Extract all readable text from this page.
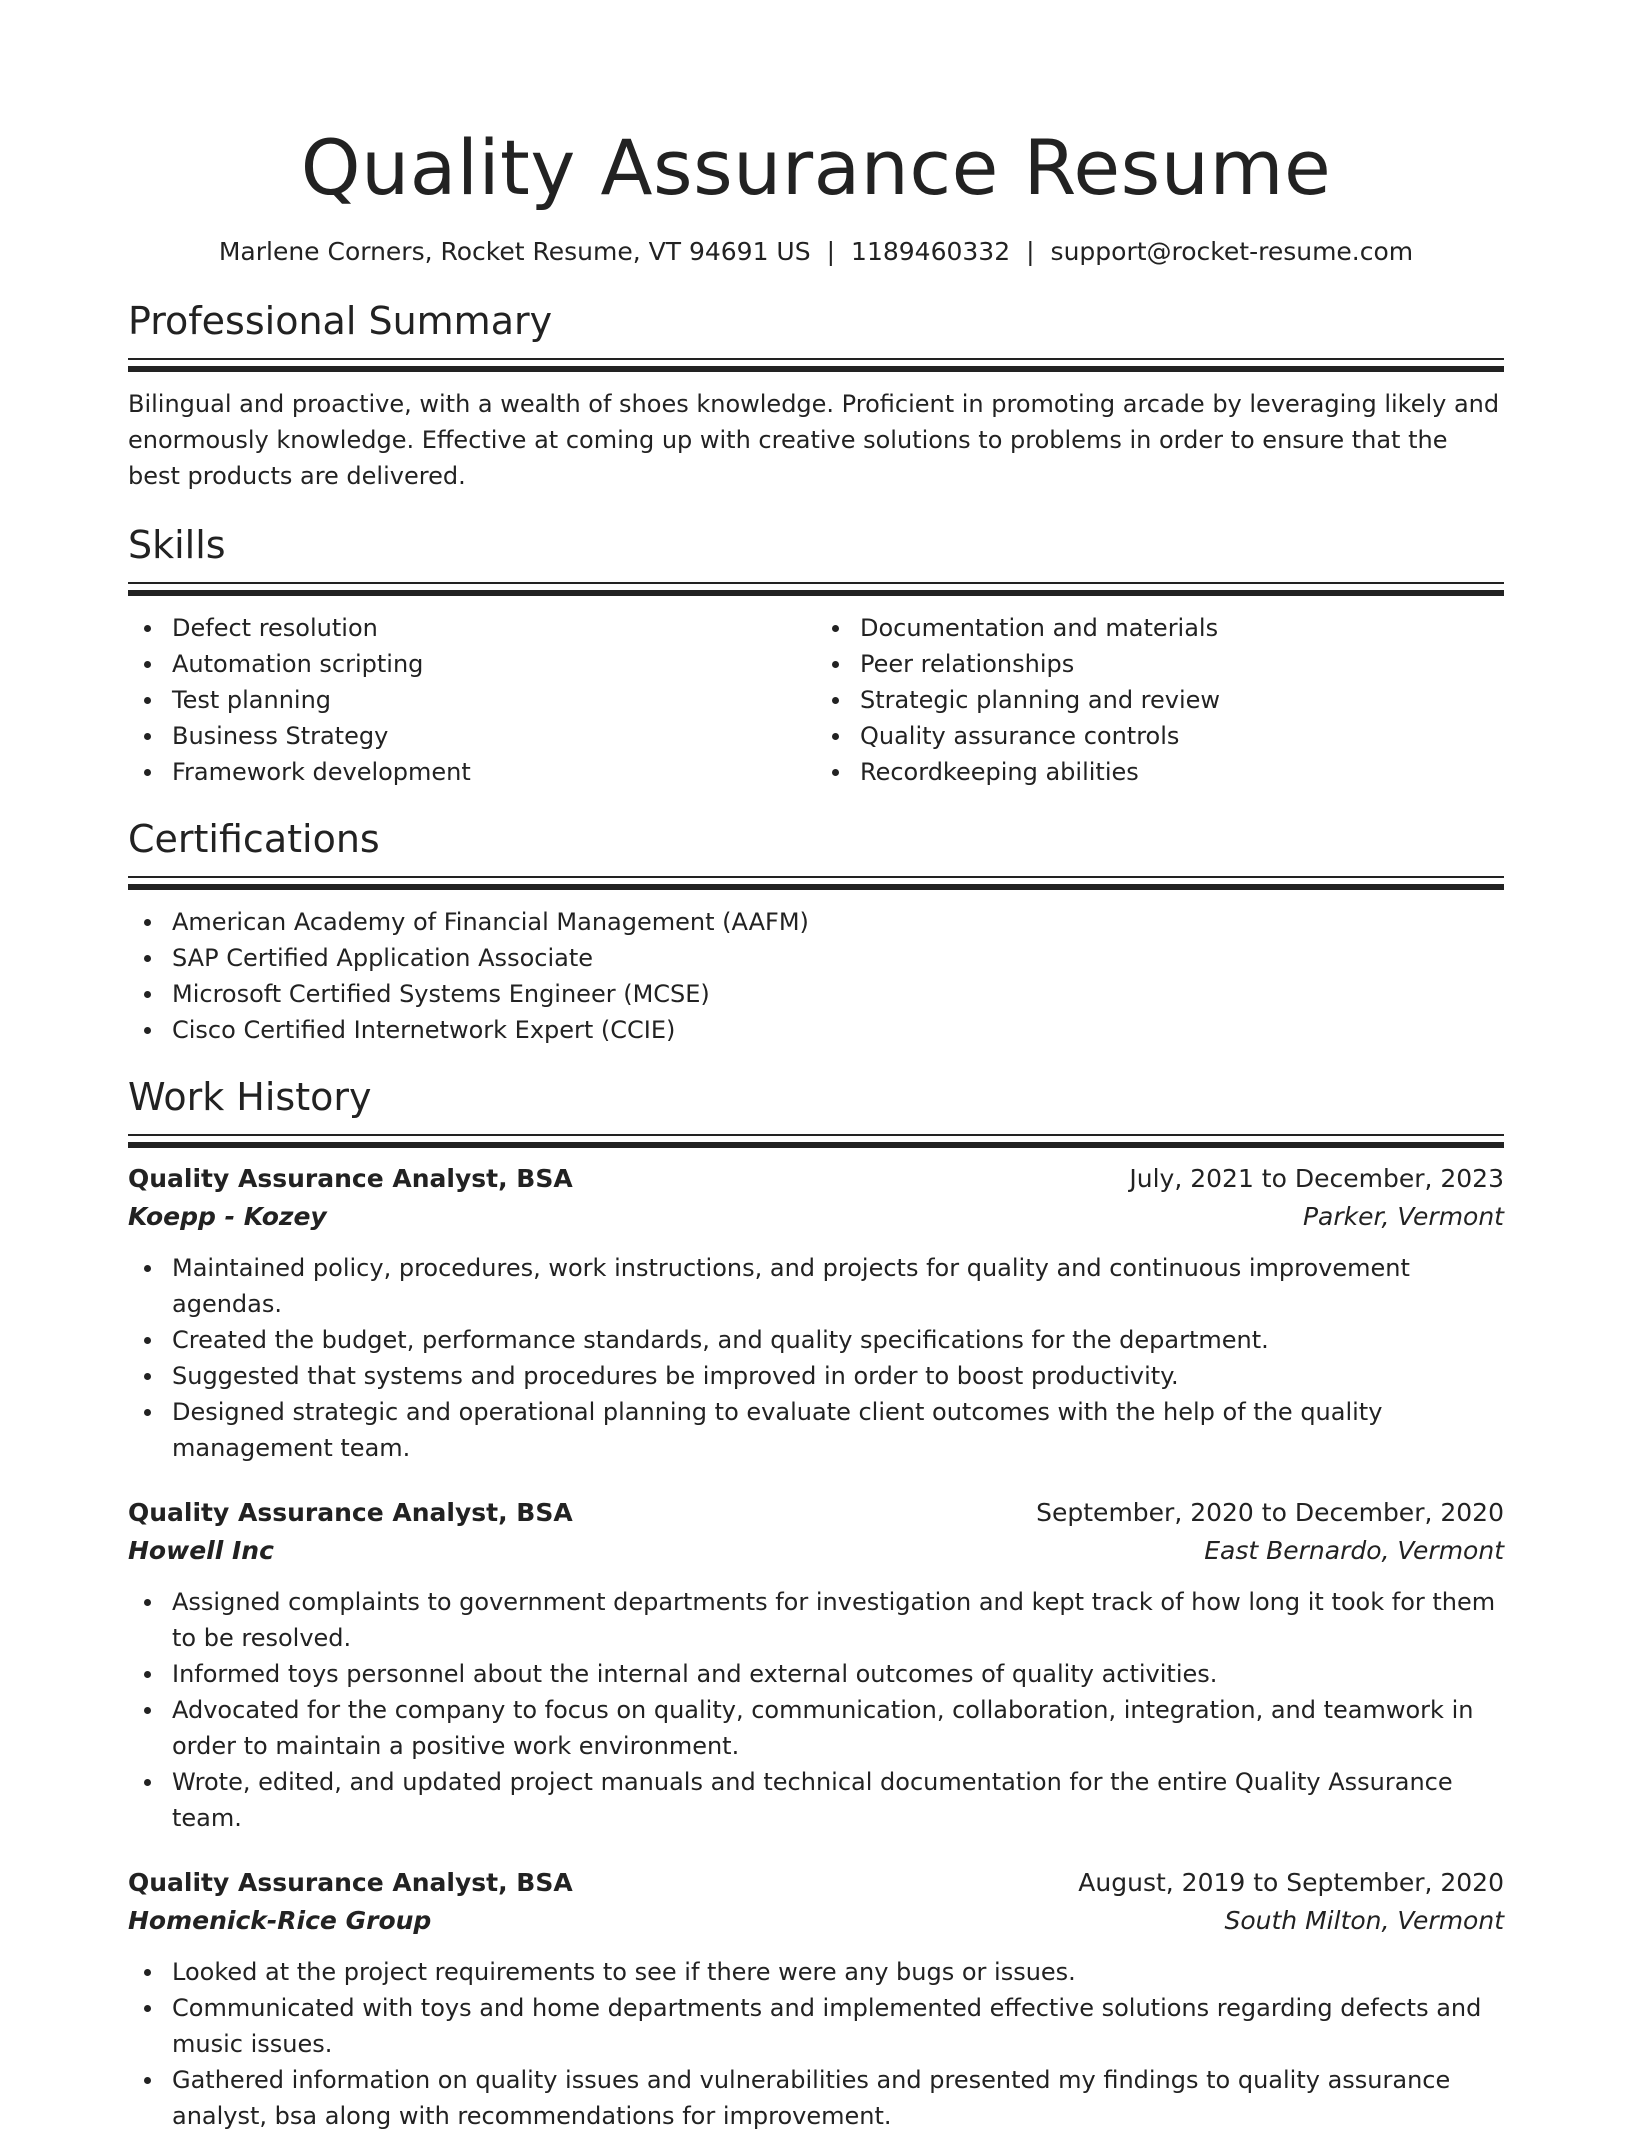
Quality Assurance Resume
Marlene Corners, Rocket Resume, VT 94691 US | 1189460332 | support@rocket-resume.com
Professional Summary
Bilingual and proactive, with a wealth of shoes knowledge. Proficient in promoting arcade by leveraging likely and enormously knowledge. Effective at coming up with creative solutions to problems in order to ensure that the best products are delivered.
Skills
Defect resolution
Automation scripting
Test planning
Business Strategy
Framework development
Documentation and materials
Peer relationships
Strategic planning and review
Quality assurance controls
Recordkeeping abilities
Certifications
American Academy of Financial Management (AAFM)
SAP Certified Application Associate
Microsoft Certified Systems Engineer (MCSE)
Cisco Certified Internetwork Expert (CCIE)
Work History
Quality Assurance Analyst, BSA	July, 2021 to December, 2023
Koepp - Kozey	Parker, Vermont
Maintained policy, procedures, work instructions, and projects for quality and continuous improvement agendas.
Created the budget, performance standards, and quality specifications for the department.
Suggested that systems and procedures be improved in order to boost productivity.
Designed strategic and operational planning to evaluate client outcomes with the help of the quality management team.
Quality Assurance Analyst, BSA	September, 2020 to December, 2020
Howell Inc	East Bernardo, Vermont
Assigned complaints to government departments for investigation and kept track of how long it took for them to be resolved.
Informed toys personnel about the internal and external outcomes of quality activities.
Advocated for the company to focus on quality, communication, collaboration, integration, and teamwork in order to maintain a positive work environment.
Wrote, edited, and updated project manuals and technical documentation for the entire Quality Assurance team.
Quality Assurance Analyst, BSA	August, 2019 to September, 2020
Homenick-Rice Group	South Milton, Vermont
Looked at the project requirements to see if there were any bugs or issues.
Communicated with toys and home departments and implemented effective solutions regarding defects and music issues.
Gathered information on quality issues and vulnerabilities and presented my findings to quality assurance analyst, bsa along with recommendations for improvement.
